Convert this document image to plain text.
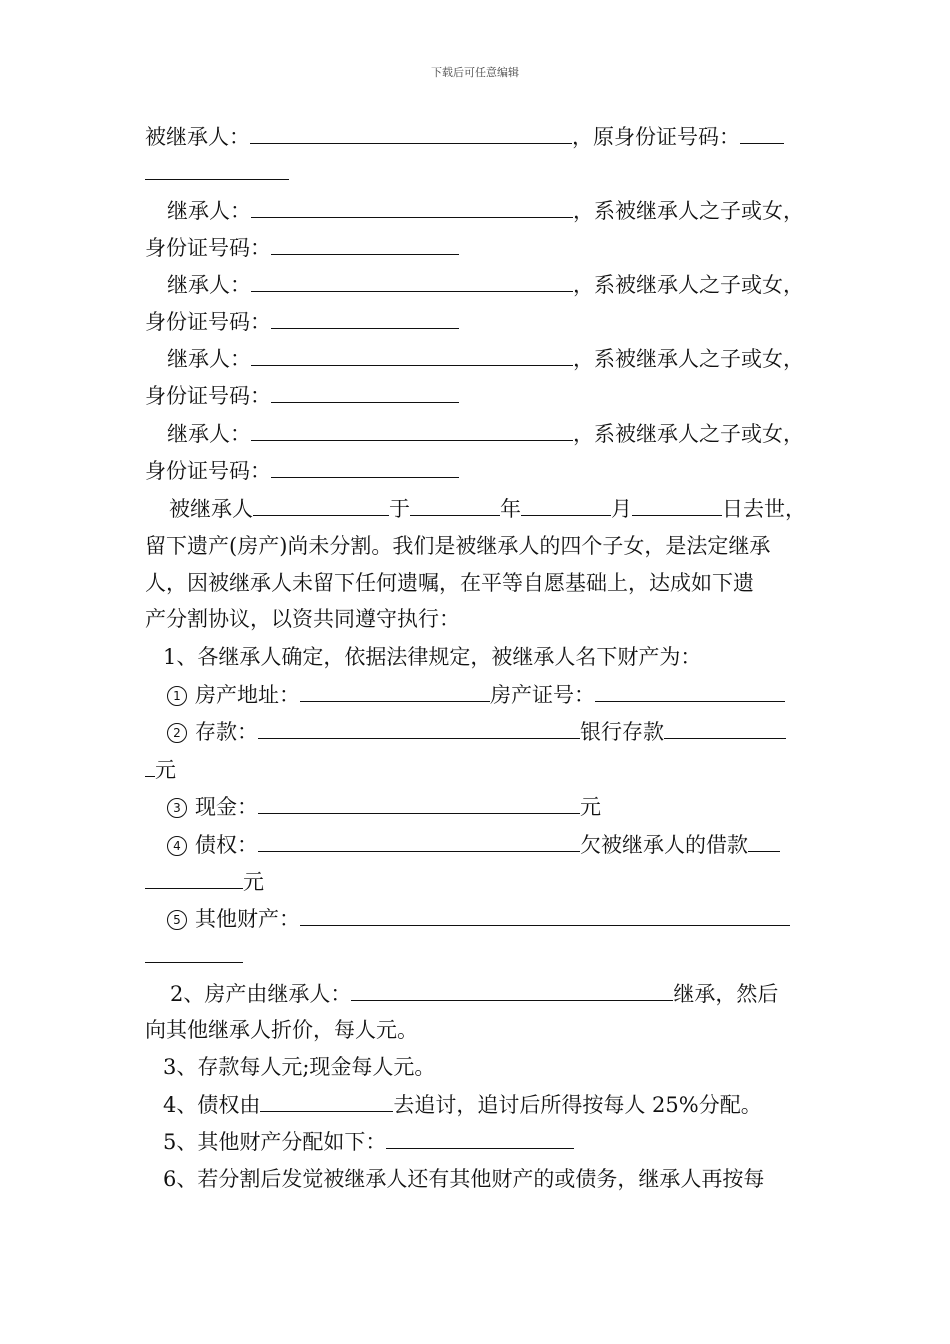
下载后可任意编辑
被继承人：	，原身份证号码：
继承人：	，系被继承人之子或女，
身份证号码：
继承人：	，系被继承人之子或女，
身份证号码：
继承人：	，系被继承人之子或女，
身份证号码：
继承人：	，系被继承人之子或女，
身份证号码：
被继承人	于	年	月	日去世，
留下遗产(房产)尚未分割。我们是被继承人的四个子女，是法定继承
人，因被继承人未留下任何遗嘱，在平等自愿基础上，达成如下遗
产分割协议，以资共同遵守执行：
1、各继承人确定，依据法律规定，被继承人名下财产为：
1 房产地址：	房产证号：
2 存款：	银行存款
元
3 现金：	元
4 债权：	欠被继承人的借款
元
5 其他财产：
2、房产由继承人：	继承，然后
向其他继承人折价，每人元。
3、存款每人元;现金每人元。
4、债权由	去追讨，追讨后所得按每人 25%分配。
5、其他财产分配如下：
6、若分割后发觉被继承人还有其他财产的或债务，继承人再按每
